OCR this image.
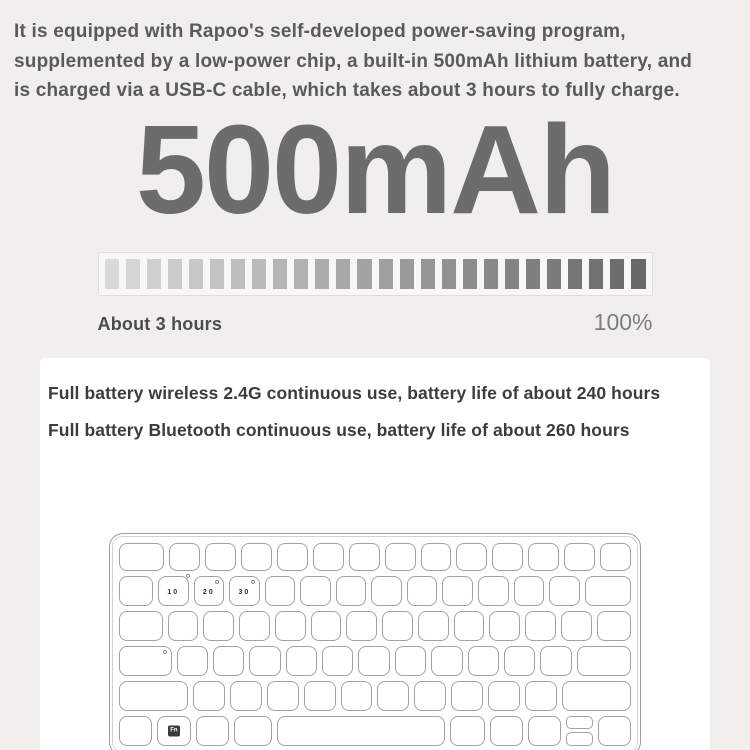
It is equipped with Rapoo's self-developed power-saving program,
supplemented by a low-power chip, a built-in 500mAh lithium battery, and
is charged via a USB-C cable, which takes about 3 hours to fully charge.
500mAh
About 3 hours	100%
Full battery wireless 2.4G continuous use, battery life of about 240 hours
Full battery Bluetooth continuous use, battery life of about 260 hours
10	20	30
Fn
